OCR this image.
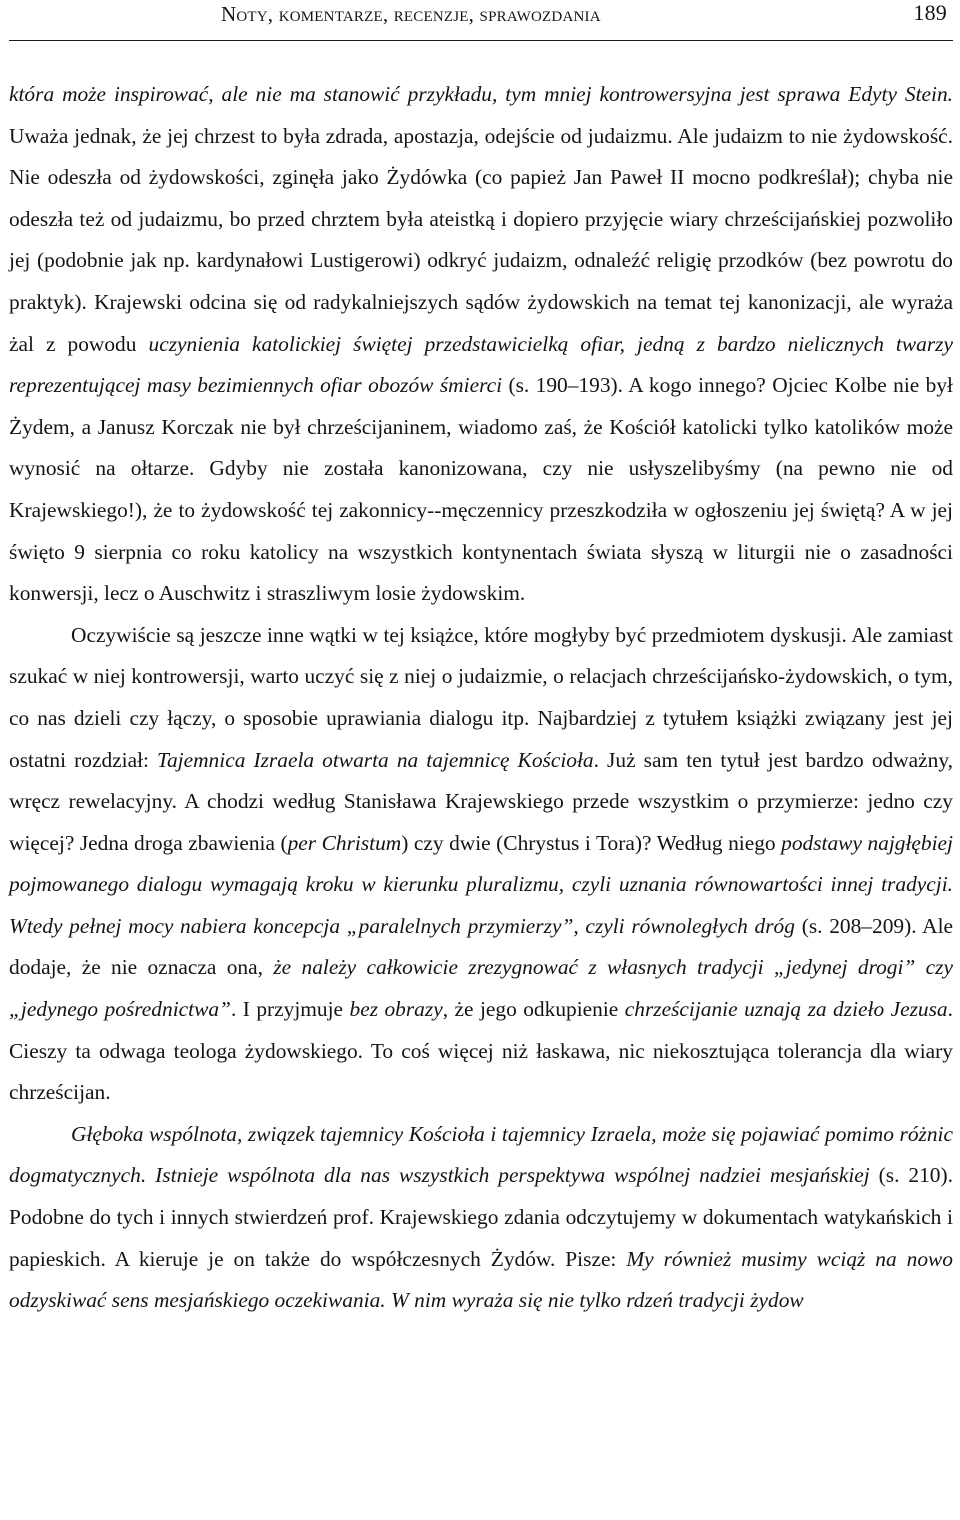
Noty, komentarze, recenzje, sprawozdania	189

która może inspirować, ale nie ma stanowić przykładu, tym mniej kontrowersyjna jest sprawa Edyty Stein. Uważa jednak, że jej chrzest to była zdrada, apostazja, odejście od judaizmu. Ale judaizm to nie żydowskość. Nie odeszła od żydowskości, zginęła jako Żydówka (co papież Jan Paweł II mocno podkreślał); chyba nie odeszła też od judaizmu, bo przed chrztem była ateistką i dopiero przyjęcie wiary chrześcijańskiej pozwoliło jej (podobnie jak np. kardynałowi Lustigerowi) odkryć judaizm, odnaleźć religię przodków (bez powrotu do praktyk). Krajewski odcina się od radykalniejszych sądów żydowskich na temat tej kanonizacji, ale wyraża żal z powodu uczynienia katolickiej świętej przedstawicielką ofiar, jedną z bardzo nielicznych twarzy reprezentującej masy bezimiennych ofiar obozów śmierci (s. 190–193). A kogo innego? Ojciec Kolbe nie był Żydem, a Janusz Korczak nie był chrześcijaninem, wiadomo zaś, że Kościół katolicki tylko katolików może wynosić na ołtarze. Gdyby nie została kanonizowana, czy nie usłyszelibyśmy (na pewno nie od Krajewskiego!), że to żydowskość tej zakonnicy‑​-męczennicy przeszkodziła w ogłoszeniu jej świętą? A w jej święto 9 sierpnia co roku katolicy na wszystkich kontynentach świata słyszą w liturgii nie o zasadności konwersji, lecz o Auschwitz i straszliwym losie żydowskim.

Oczywiście są jeszcze inne wątki w tej książce, które mogłyby być przedmiotem dyskusji. Ale zamiast szukać w niej kontrowersji, warto uczyć się z niej o judaizmie, o relacjach chrześcijańsko-żydowskich, o tym, co nas dzieli czy łączy, o sposobie uprawiania dialogu itp. Najbardziej z tytułem książki związany jest jej ostatni rozdział: Tajemnica Izraela otwarta na tajemnicę Kościoła. Już sam ten tytuł jest bardzo odważny, wręcz rewelacyjny. A chodzi według Stanisława Krajewskiego przede wszystkim o przymierze: jedno czy więcej? Jedna droga zbawienia (per Christum) czy dwie (Chrystus i Tora)? Według niego podstawy najgłębiej pojmowanego dialogu wymagają kroku w kierunku pluralizmu, czyli uznania równowartości innej tradycji. Wtedy pełnej mocy nabiera koncepcja „paralelnych przymierzy”, czyli równoległych dróg (s. 208–209). Ale dodaje, że nie oznacza ona, że należy całkowicie zrezygnować z własnych tradycji „jedynej drogi” czy „jedynego pośrednictwa”. I przyjmuje bez obrazy, że jego odkupienie chrześcijanie uznają za dzieło Jezusa. Cieszy ta odwaga teologa żydowskiego. To coś więcej niż łaskawa, nic niekosztująca tolerancja dla wiary chrześcijan.

Głęboka wspólnota, związek tajemnicy Kościoła i tajemnicy Izraela, może się pojawiać pomimo różnic dogmatycznych. Istnieje wspólnota dla nas wszystkich perspektywa wspólnej nadziei mesjańskiej (s. 210). Podobne do tych i innych stwierdzeń prof. Krajewskiego zdania odczytujemy w dokumentach watykańskich i papieskich. A kieruje je on także do współczesnych Żydów. Pisze: My również musimy wciąż na nowo odzyskiwać sens mesjańskiego oczekiwania. W nim wyraża się nie tylko rdzeń tradycji żydow
